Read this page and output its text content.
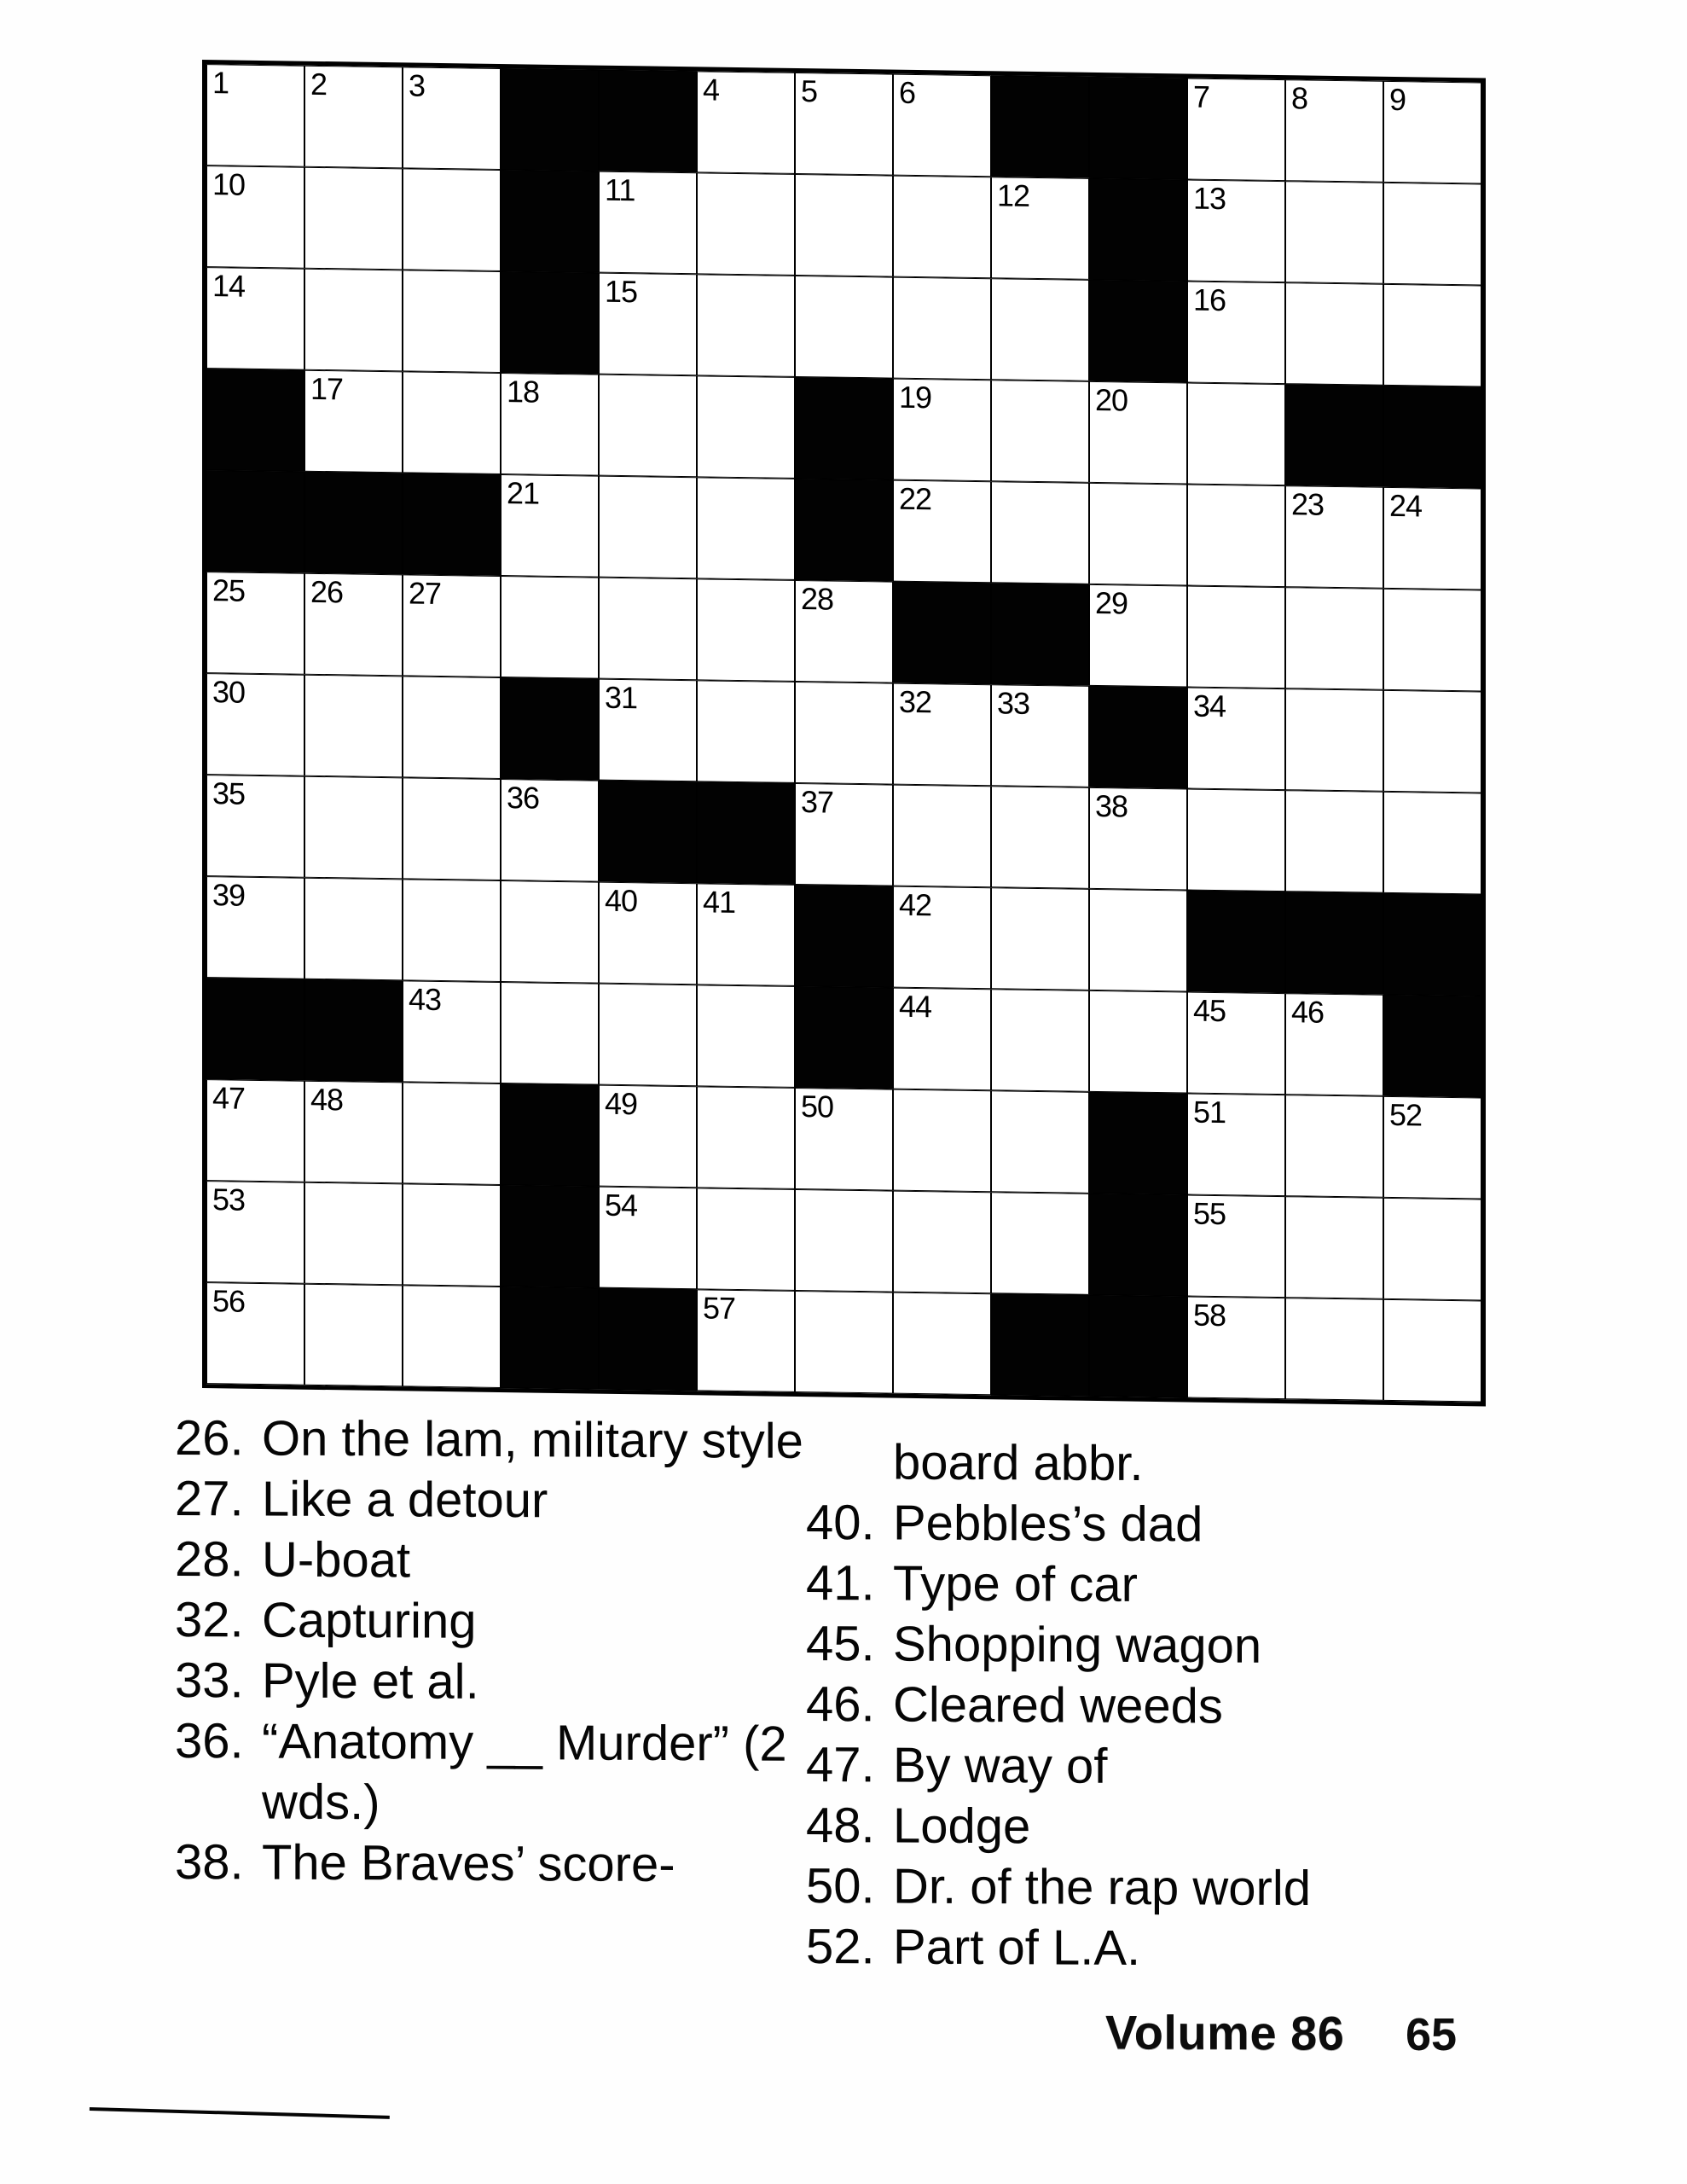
1	2	3	4	5	6	7	8	9
10	11	12	13
14	15	16
17	18	19	20
21	22	23 24
25 26 27	28	29
30	31	32 33	34
35	36	37	38
39	40 41	42
43	44	45 46
47 48	49	50	51	52
53	54	55
56	57	58
26. On the lam, military style
27. Like a detour
28. U-boat
32. Capturing
33. Pyle et al.
36. “Anatomy __ Murder” (2 wds.)
38. The Braves’ score-
board abbr.
40. Pebbles’s dad
41. Type of car
45. Shopping wagon
46. Cleared weeds
47. By way of
48. Lodge
50. Dr. of the rap world
52. Part of L.A.
Volume 86 65
